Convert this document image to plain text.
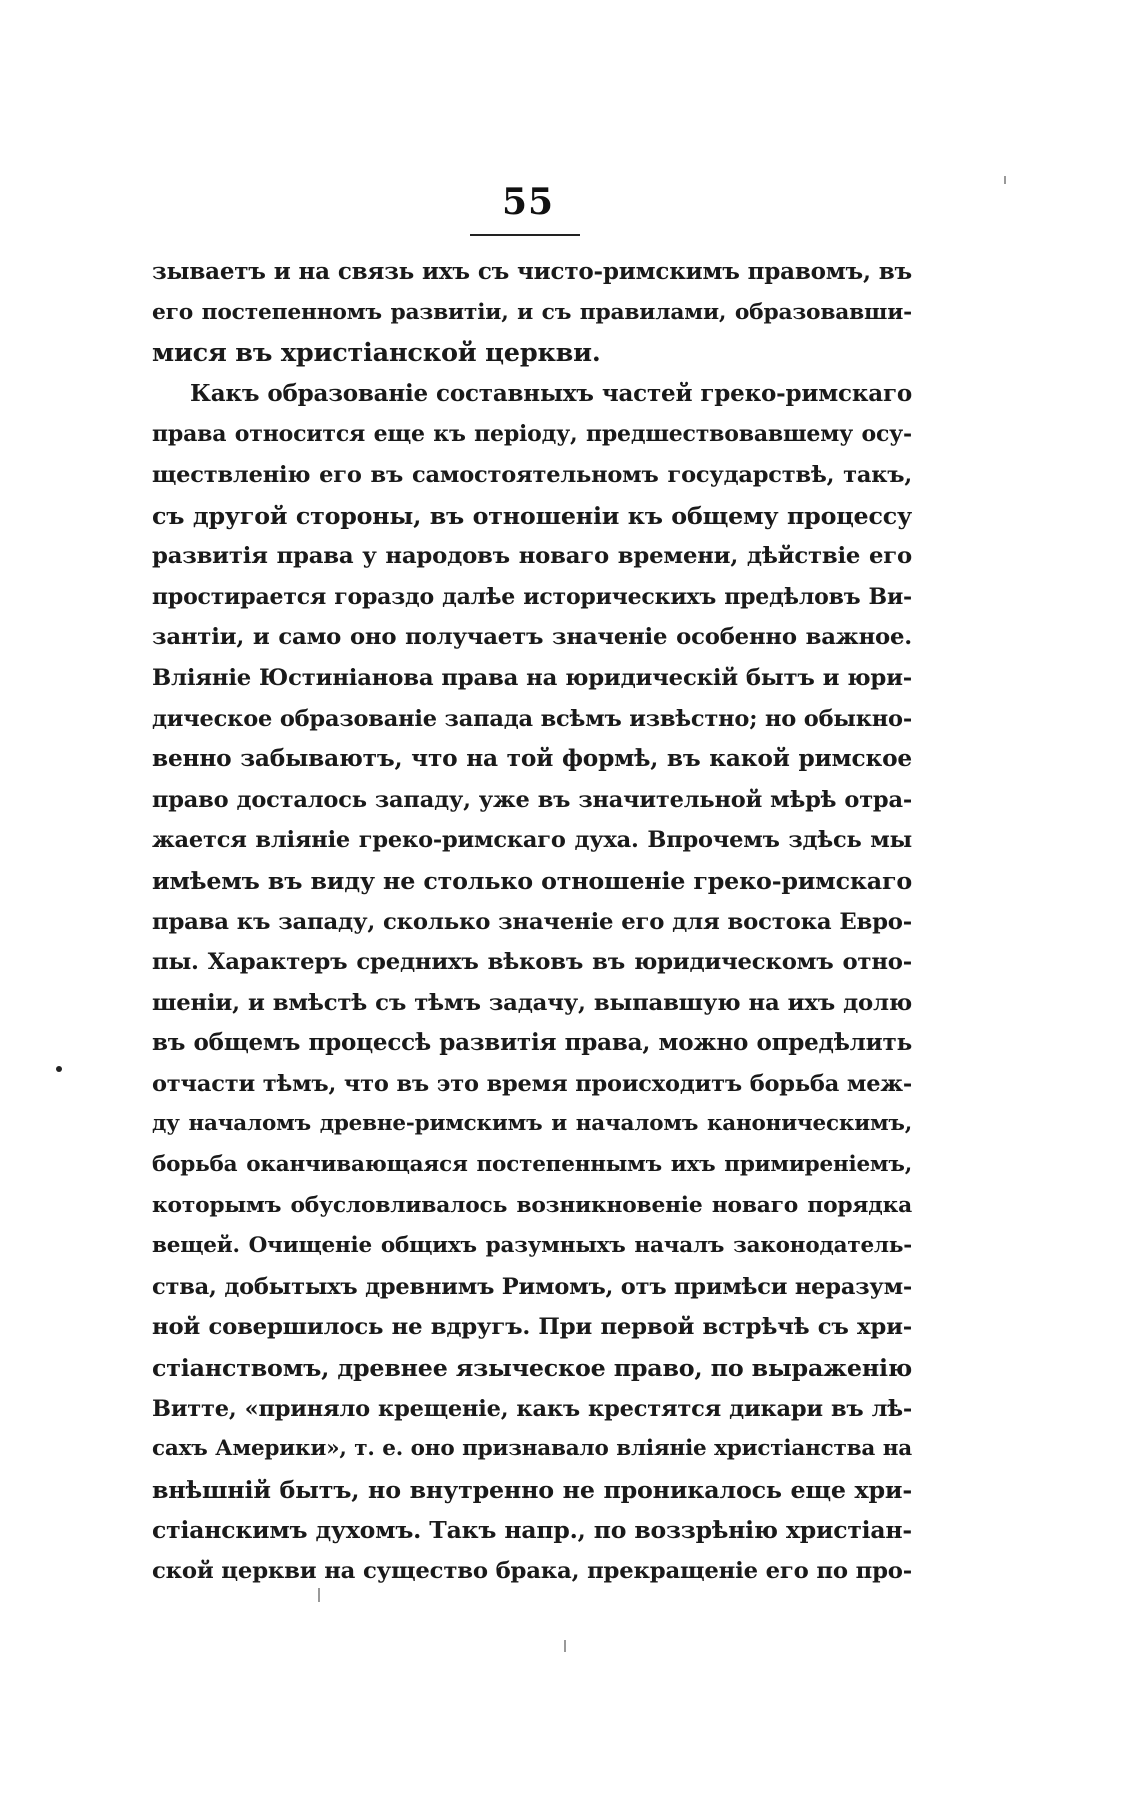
55
зываетъ и на связь ихъ съ чисто-римскимъ правомъ, въ
его постепенномъ развитіи, и съ правилами, образовавши-
мися въ христіанской церкви.
Какъ образованіе составныхъ частей греко-римскаго
права относится еще къ періоду, предшествовавшему осу-
ществленію его въ самостоятельномъ государствѣ, такъ,
съ другой стороны, въ отношеніи къ общему процессу
развитія права у народовъ новаго времени, дѣйствіе его
простирается гораздо далѣе историческихъ предѣловъ Ви-
зантіи, и само оно получаетъ значеніе особенно важное.
Вліяніе Юстиніанова права на юридическій бытъ и юри-
дическое образованіе запада всѣмъ извѣстно; но обыкно-
венно забываютъ, что на той формѣ, въ какой римское
право досталось западу, уже въ значительной мѣрѣ отра-
жается вліяніе греко-римскаго духа. Впрочемъ здѣсь мы
имѣемъ въ виду не столько отношеніе греко-римскаго
права къ западу, сколько значеніе его для востока Евро-
пы. Характеръ среднихъ вѣковъ въ юридическомъ отно-
шеніи, и вмѣстѣ съ тѣмъ задачу, выпавшую на ихъ долю
въ общемъ процессѣ развитія права, можно опредѣлить
отчасти тѣмъ, что въ это время происходитъ борьба меж-
ду началомъ древне-римскимъ и началомъ каноническимъ,
борьба оканчивающаяся постепеннымъ ихъ примиреніемъ,
которымъ обусловливалось возникновеніе новаго порядка
вещей. Очищеніе общихъ разумныхъ началъ законодатель-
ства, добытыхъ древнимъ Римомъ, отъ примѣси неразум-
ной совершилось не вдругъ. При первой встрѣчѣ съ хри-
стіанствомъ, древнее языческое право, по выраженію
Витте, «приняло крещеніе, какъ крестятся дикари въ лѣ-
сахъ Америки», т. е. оно признавало вліяніе христіанства на
внѣшній бытъ, но внутренно не проникалось еще хри-
стіанскимъ духомъ. Такъ напр., по воззрѣнію христіан-
ской церкви на существо брака, прекращеніе его по про-
